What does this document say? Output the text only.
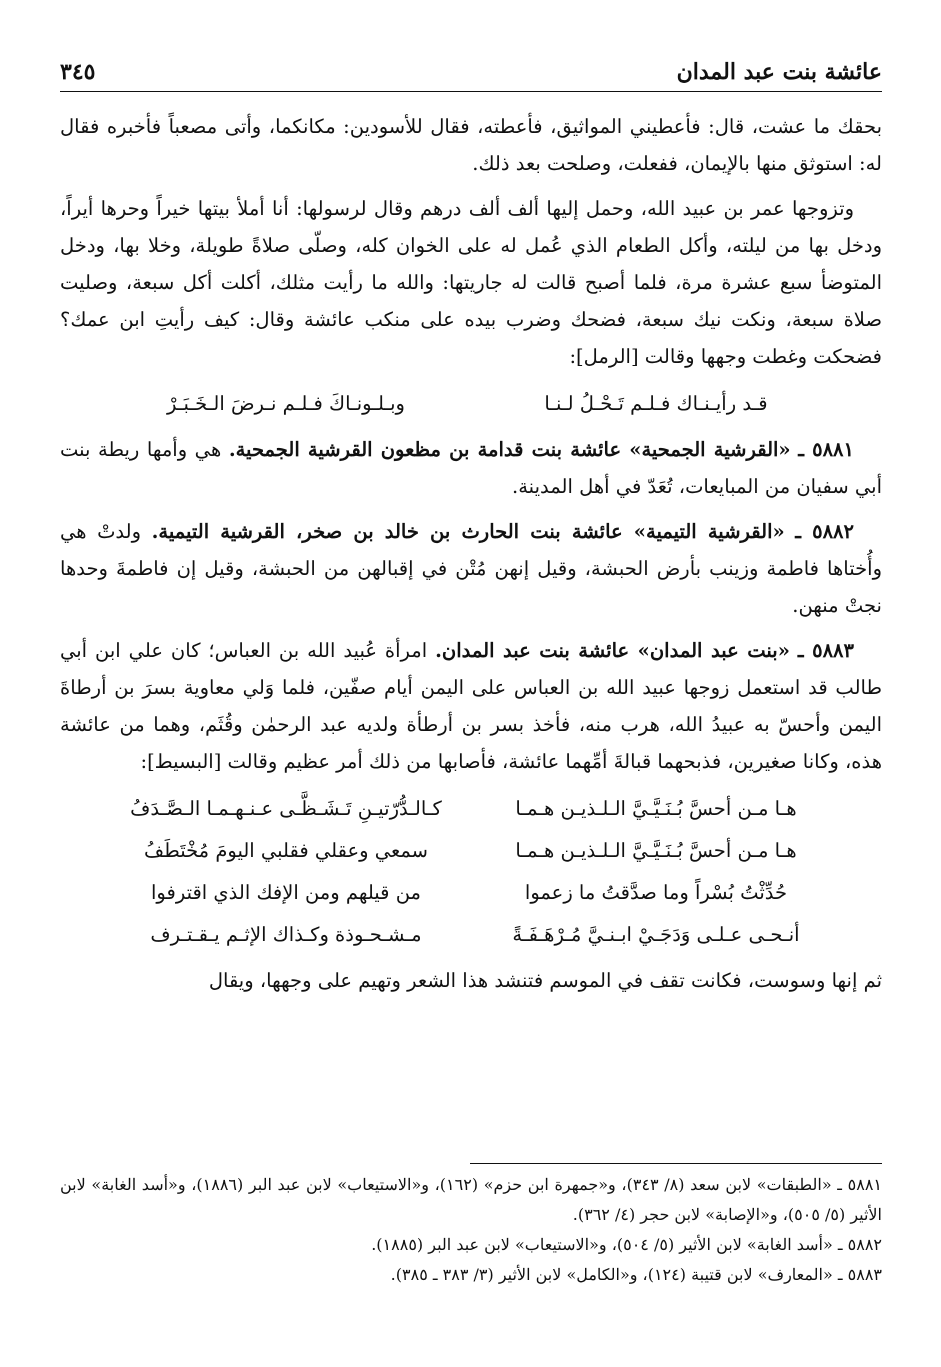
عائشة بنت عبد المدان
٣٤٥

بحقك ما عشت، قال: فأعطيني المواثيق، فأعطته، فقال للأسودين: مكانكما، وأتى مصعباً فأخبره فقال له: استوثق منها بالإيمان، ففعلت، وصلحت بعد ذلك.

وتزوجها عمر بن عبيد الله، وحمل إليها ألف ألف درهم وقال لرسولها: أنا أملأ بيتها خيراً وحرها أيراً، ودخل بها من ليلته، وأكل الطعام الذي عُمل له على الخوان كله، وصلّى صلاةً طويلة، وخلا بها، ودخل المتوضأ سبع عشرة مرة، فلما أصبح قالت له جاريتها: والله ما رأيت مثلك، أكلت أكل سبعة، وصليت صلاة سبعة، ونكت نيك سبعة، فضحك وضرب بيده على منكب عائشة وقال: كيف رأيتِ ابن عمك؟ فضحكت وغطت وجهها وقالت [الرمل]:

قـد رأيـنـاك فـلـم تَـحْـلُ لـنـا
وبـلـونـاكَ فـلـم نـرضَ الـخَـبَـرْ

٥٨٨١ ـ «القرشية الجمحية» عائشة بنت قدامة بن مظعون القرشية الجمحية. هي وأمها ريطة بنت أبي سفيان من المبايعات، تُعَدّ في أهل المدينة.

٥٨٨٢ ـ «القرشية التيمية» عائشة بنت الحارث بن خالد بن صخر، القرشية التيمية. ولدتْ هي وأُختاها فاطمة وزينب بأرض الحبشة، وقيل إنهن مُتْن في إقبالهن من الحبشة، وقيل إن فاطمةَ وحدها نجتْ منهن.

٥٨٨٣ ـ «بنت عبد المدان» عائشة بنت عبد المدان. امرأة عُبيد الله بن العباس؛ كان علي ابن أبي طالب قد استعمل زوجها عبيد الله بن العباس على اليمن أيام صفّين، فلما وَلي معاوية بسرَ بن أرطاةَ اليمن وأحسّ به عبيدُ الله، هرب منه، فأخذ بسر بن أرطأة ولديه عبد الرحمٰن وقُثَم، وهما من عائشة هذه، وكانا صغيرين، فذبحهما قبالةَ أمِّهما عائشة، فأصابها من ذلك أمر عظيم وقالت [البسيط]:

هـا مـن أحسَّ بُـنَـيَّـيَّ الـلـذيـن هـمـا
كـالـدُّرّتيـنِ تَـشَـظَّـى عـنـهـمـا الـصَّـدَفُ
هـا مـن أحسَّ بُـنَـيَّـيَّ الـلـذيـن هـمـا
سمعي وعقلي فقلبي اليومَ مُخْتَطَفُ
حُدِّثْتُ بُسْراً وما صدَّقتُ ما زعموا
من قيلهم ومن الإفك الذي اقترفوا
أنـحـى عـلـى وَدَجَـيْ ابـنـيَّ مُـرْهَـفَـةً
مـشـحـوذة وكـذاك الإثـم يـقـتـرف

ثم إنها وسوست، فكانت تقف في الموسم فتنشد هذا الشعر وتهيم على وجهها، ويقال

٥٨٨١ ـ «الطبقات» لابن سعد (٨/ ٣٤٣)، و«جمهرة ابن حزم» (١٦٢)، و«الاستيعاب» لابن عبد البر (١٨٨٦)، و«أسد الغابة» لابن الأثير (٥/ ٥٠٥)، و«الإصابة» لابن حجر (٤/ ٣٦٢).

٥٨٨٢ ـ «أسد الغابة» لابن الأثير (٥/ ٥٠٤)، و«الاستيعاب» لابن عبد البر (١٨٨٥).

٥٨٨٣ ـ «المعارف» لابن قتيبة (١٢٤)، و«الكامل» لابن الأثير (٣/ ٣٨٣ ـ ٣٨٥).
